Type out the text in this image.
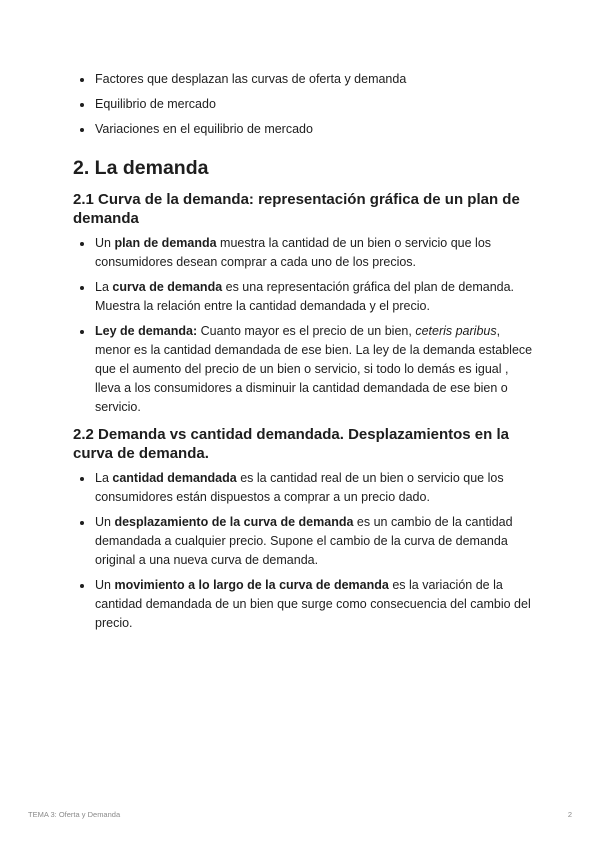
Factores que desplazan las curvas de oferta y demanda
Equilibrio de mercado
Variaciones en el equilibrio de mercado
2. La demanda
2.1 Curva de la demanda: representación gráfica de un plan de demanda
Un plan de demanda muestra la cantidad de un bien o servicio que los consumidores desean comprar a cada uno de los precios.
La curva de demanda es una representación gráfica del plan de demanda. Muestra la relación entre la cantidad demandada y el precio.
Ley de demanda: Cuanto mayor es el precio de un bien, ceteris paribus, menor es la cantidad demandada de ese bien. La ley de la demanda establece que el aumento del precio de un bien o servicio, si todo lo demás es igual , lleva a los consumidores a disminuir la cantidad demandada de ese bien o servicio.
2.2 Demanda vs cantidad demandada. Desplazamientos en la curva de demanda.
La cantidad demandada es la cantidad real de un bien o servicio que los consumidores están dispuestos a comprar a un precio dado.
Un desplazamiento de la curva de demanda es un cambio de la cantidad demandada a cualquier precio. Supone el cambio de la curva de demanda original a una nueva curva de demanda.
Un movimiento a lo largo de la curva de demanda es la variación de la cantidad demandada de un bien que surge como consecuencia del cambio del precio.
TEMA 3: Oferta y Demanda	2
